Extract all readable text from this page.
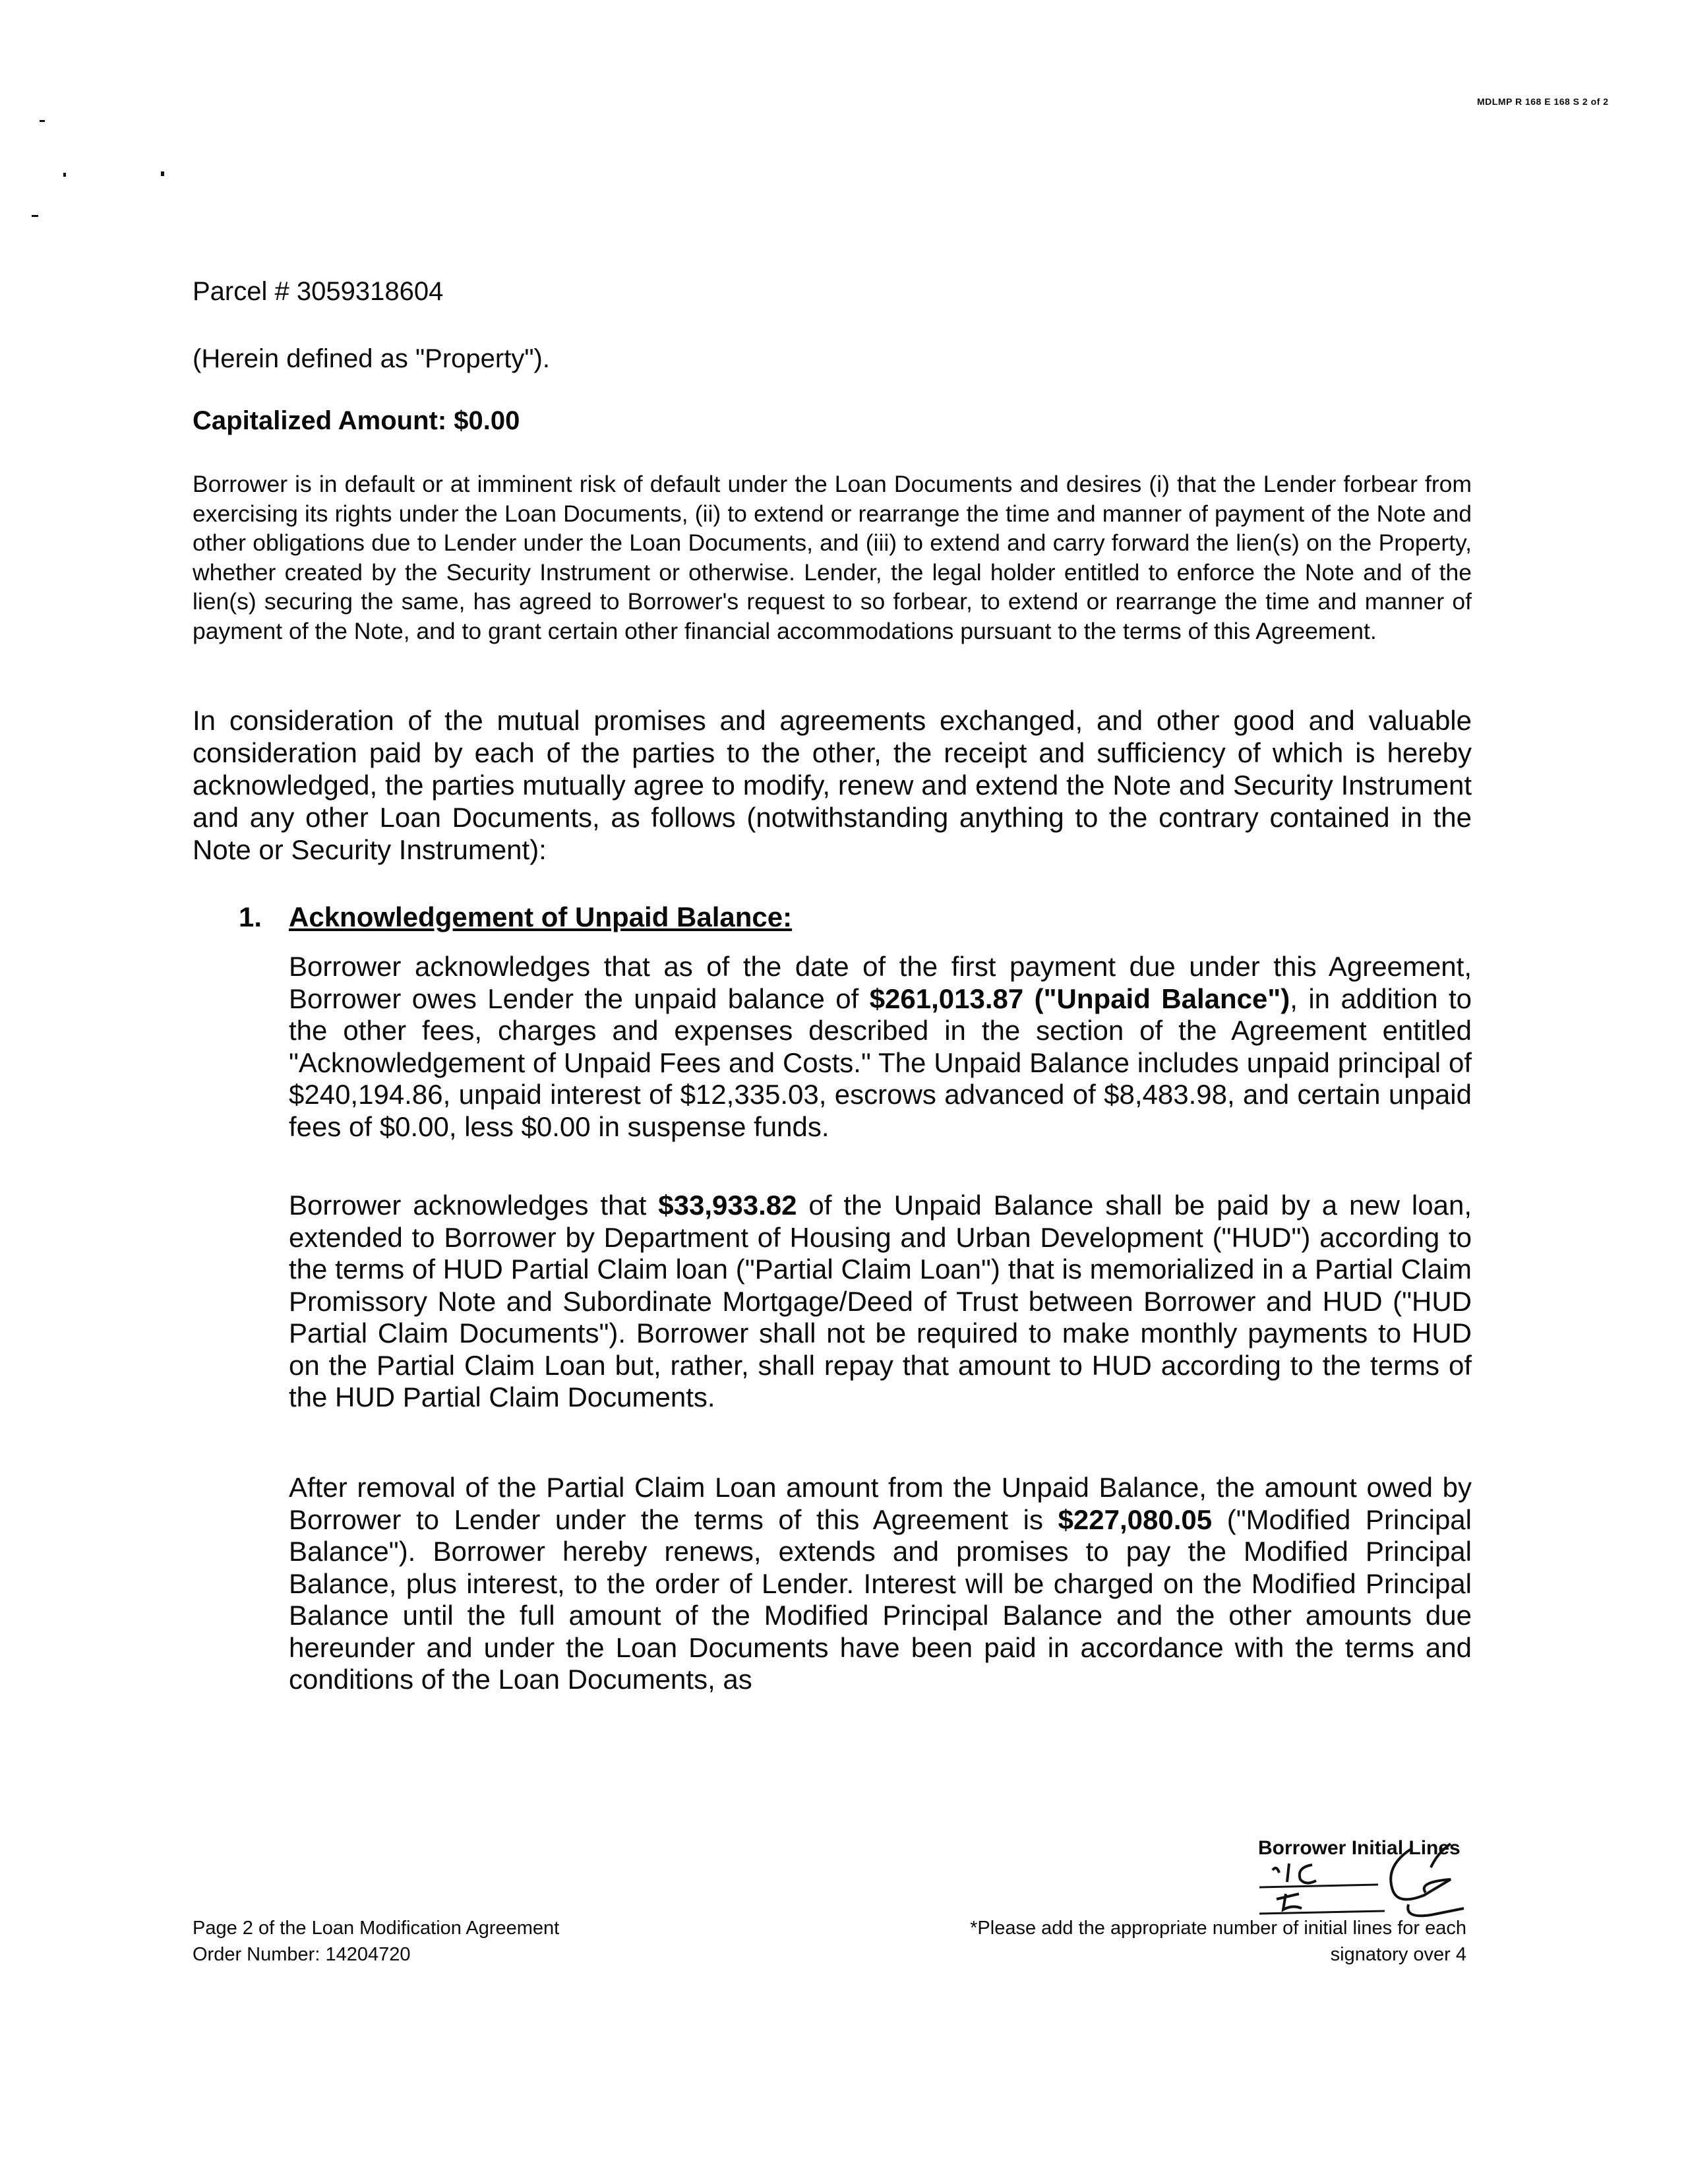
MDLMP R 168 E 168 S 2 of 2
Parcel # 3059318604
(Herein defined as "Property").
Capitalized Amount: $0.00
Borrower is in default or at imminent risk of default under the Loan Documents and desires (i) that the Lender forbear from exercising its rights under the Loan Documents, (ii) to extend or rearrange the time and manner of payment of the Note and other obligations due to Lender under the Loan Documents, and (iii) to extend and carry forward the lien(s) on the Property, whether created by the Security Instrument or otherwise. Lender, the legal holder entitled to enforce the Note and of the lien(s) securing the same, has agreed to Borrower's request to so forbear, to extend or rearrange the time and manner of payment of the Note, and to grant certain other financial accommodations pursuant to the terms of this Agreement.
In consideration of the mutual promises and agreements exchanged, and other good and valuable consideration paid by each of the parties to the other, the receipt and sufficiency of which is hereby acknowledged, the parties mutually agree to modify, renew and extend the Note and Security Instrument and any other Loan Documents, as follows (notwithstanding anything to the contrary contained in the Note or Security Instrument):
1. Acknowledgement of Unpaid Balance:
Borrower acknowledges that as of the date of the first payment due under this Agreement, Borrower owes Lender the unpaid balance of $261,013.87 ("Unpaid Balance"), in addition to the other fees, charges and expenses described in the section of the Agreement entitled "Acknowledgement of Unpaid Fees and Costs." The Unpaid Balance includes unpaid principal of $240,194.86, unpaid interest of $12,335.03, escrows advanced of $8,483.98, and certain unpaid fees of $0.00, less $0.00 in suspense funds.
Borrower acknowledges that $33,933.82 of the Unpaid Balance shall be paid by a new loan, extended to Borrower by Department of Housing and Urban Development ("HUD") according to the terms of HUD Partial Claim loan ("Partial Claim Loan") that is memorialized in a Partial Claim Promissory Note and Subordinate Mortgage/Deed of Trust between Borrower and HUD ("HUD Partial Claim Documents"). Borrower shall not be required to make monthly payments to HUD on the Partial Claim Loan but, rather, shall repay that amount to HUD according to the terms of the HUD Partial Claim Documents.
After removal of the Partial Claim Loan amount from the Unpaid Balance, the amount owed by Borrower to Lender under the terms of this Agreement is $227,080.05 ("Modified Principal Balance"). Borrower hereby renews, extends and promises to pay the Modified Principal Balance, plus interest, to the order of Lender. Interest will be charged on the Modified Principal Balance until the full amount of the Modified Principal Balance and the other amounts due hereunder and under the Loan Documents have been paid in accordance with the terms and conditions of the Loan Documents, as
Borrower Initial Lines
Page 2 of the Loan Modification Agreement
Order Number: 14204720
*Please add the appropriate number of initial lines for each
signatory over 4
